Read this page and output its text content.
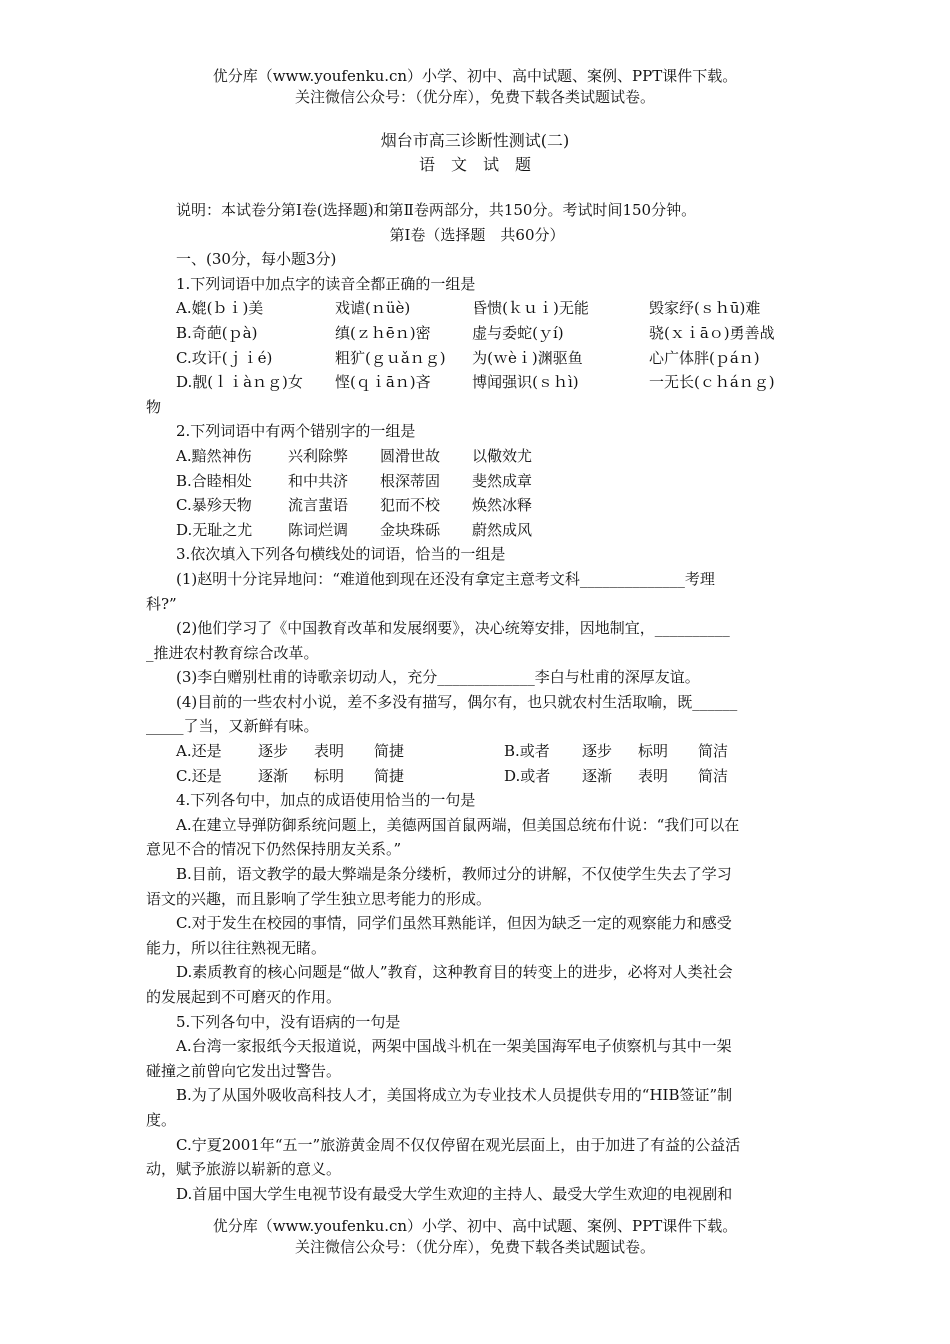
优分库（www.youfenku.cn）小学、初中、高中试题、案例、PPT课件下载。
关注微信公众号：（优分库），免费下载各类试题试卷。
烟台市高三诊断性测试(二)
语　文　试　题

说明：本试卷分第Ⅰ卷(选择题)和第Ⅱ卷两部分，共150分。考试时间150分钟。

第Ⅰ卷（选择题　共60分）

一、(30分，每小题3分)

1.下列词语中加点字的读音全都正确的一组是

A.媲(ｂｉ)美	戏谑(ｎüè)	昏愦(ｋｕｉ)无能	毁家纾(ｓｈū)难
B.奇葩(ｐà)	缜(ｚｈēｎ)密	虚与委蛇(ｙí)	骁(ｘｉāｏ)勇善战
C.攻讦(ｊｉé)	粗犷(ｇｕǎｎｇ)	为(ｗèｉ)渊驱鱼	心广体胖(ｐáｎ)
D.靓(ｌｉàｎｇ)女	悭(ｑｉāｎ)吝	博闻强识(ｓｈì)	一无长(ｃｈáｎｇ)

物

2.下列词语中有两个错别字的一组是

A.黯然神伤	兴利除弊	圆滑世故	以儆效尤
B.合睦相处	和中共济	根深蒂固	斐然成章
C.暴殄天物	流言蜚语	犯而不校	焕然冰释
D.无耻之尤	陈词烂调	金块珠砾	蔚然成风

3.依次填入下列各句横线处的词语，恰当的一组是

(1)赵明十分诧异地问：“难道他到现在还没有拿定主意考文科______________考理

科?”

(2)他们学习了《中国教育改革和发展纲要》，决心统筹安排，因地制宜，__________

_推进农村教育综合改革。

(3)李白赠别杜甫的诗歌亲切动人，充分_____________李白与杜甫的深厚友谊。

(4)目前的一些农村小说，差不多没有描写，偶尔有，也只就农村生活取喻，既______

_____了当，又新鲜有味。

A.还是	逐步	表明	简捷	B.或者	逐步	标明	简洁
C.还是	逐渐	标明	简捷	D.或者	逐渐	表明	简洁

4.下列各句中，加点的成语使用恰当的一句是

A.在建立导弹防御系统问题上，美德两国首鼠两端，但美国总统布什说：“我们可以在

意见不合的情况下仍然保持朋友关系。”

B.目前，语文教学的最大弊端是条分缕析，教师过分的讲解，不仅使学生失去了学习

语文的兴趣，而且影响了学生独立思考能力的形成。

C.对于发生在校园的事情，同学们虽然耳熟能详，但因为缺乏一定的观察能力和感受

能力，所以往往熟视无睹。

D.素质教育的核心问题是“做人”教育，这种教育目的转变上的进步，必将对人类社会

的发展起到不可磨灭的作用。

5.下列各句中，没有语病的一句是

A.台湾一家报纸今天报道说，两架中国战斗机在一架美国海军电子侦察机与其中一架

碰撞之前曾向它发出过警告。

B.为了从国外吸收高科技人才，美国将成立为专业技术人员提供专用的“HIB签证”制

度。

C.宁夏2001年“五一”旅游黄金周不仅仅停留在观光层面上，由于加进了有益的公益活

动，赋予旅游以崭新的意义。

D.首届中国大学生电视节设有最受大学生欢迎的主持人、最受大学生欢迎的电视剧和

优分库（www.youfenku.cn）小学、初中、高中试题、案例、PPT课件下载。
关注微信公众号：（优分库），免费下载各类试题试卷。
